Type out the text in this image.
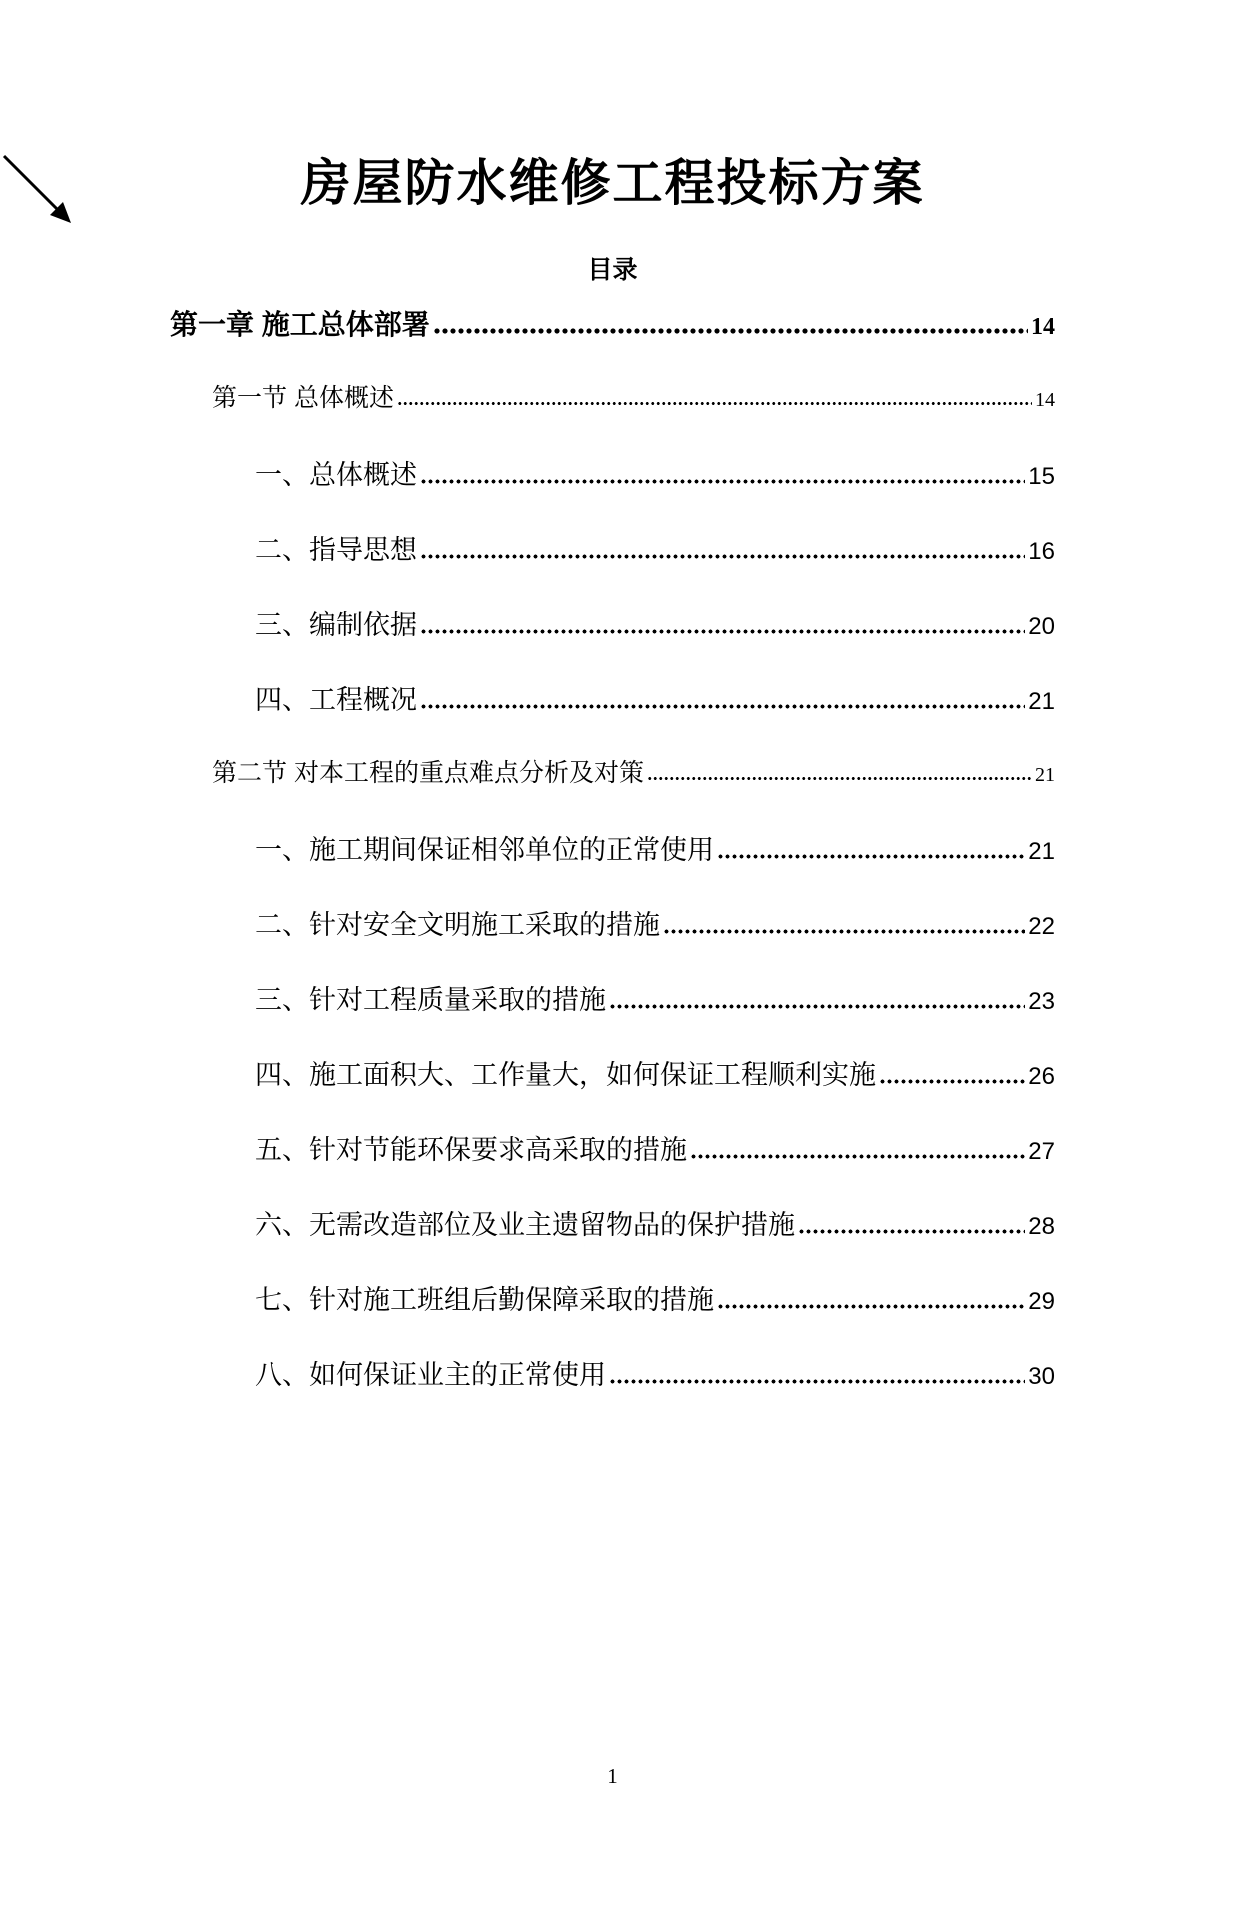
房屋防水维修工程投标方案
目录
第一章 施工总体部署	14
第一节 总体概述	14
一、总体概述	15
二、指导思想	16
三、编制依据	20
四、工程概况	21
第二节 对本工程的重点难点分析及对策	21
一、施工期间保证相邻单位的正常使用	21
二、针对安全文明施工采取的措施	22
三、针对工程质量采取的措施	23
四、施工面积大、工作量大，如何保证工程顺利实施	26
五、针对节能环保要求高采取的措施	27
六、无需改造部位及业主遗留物品的保护措施	28
七、针对施工班组后勤保障采取的措施	29
八、如何保证业主的正常使用	30
1
